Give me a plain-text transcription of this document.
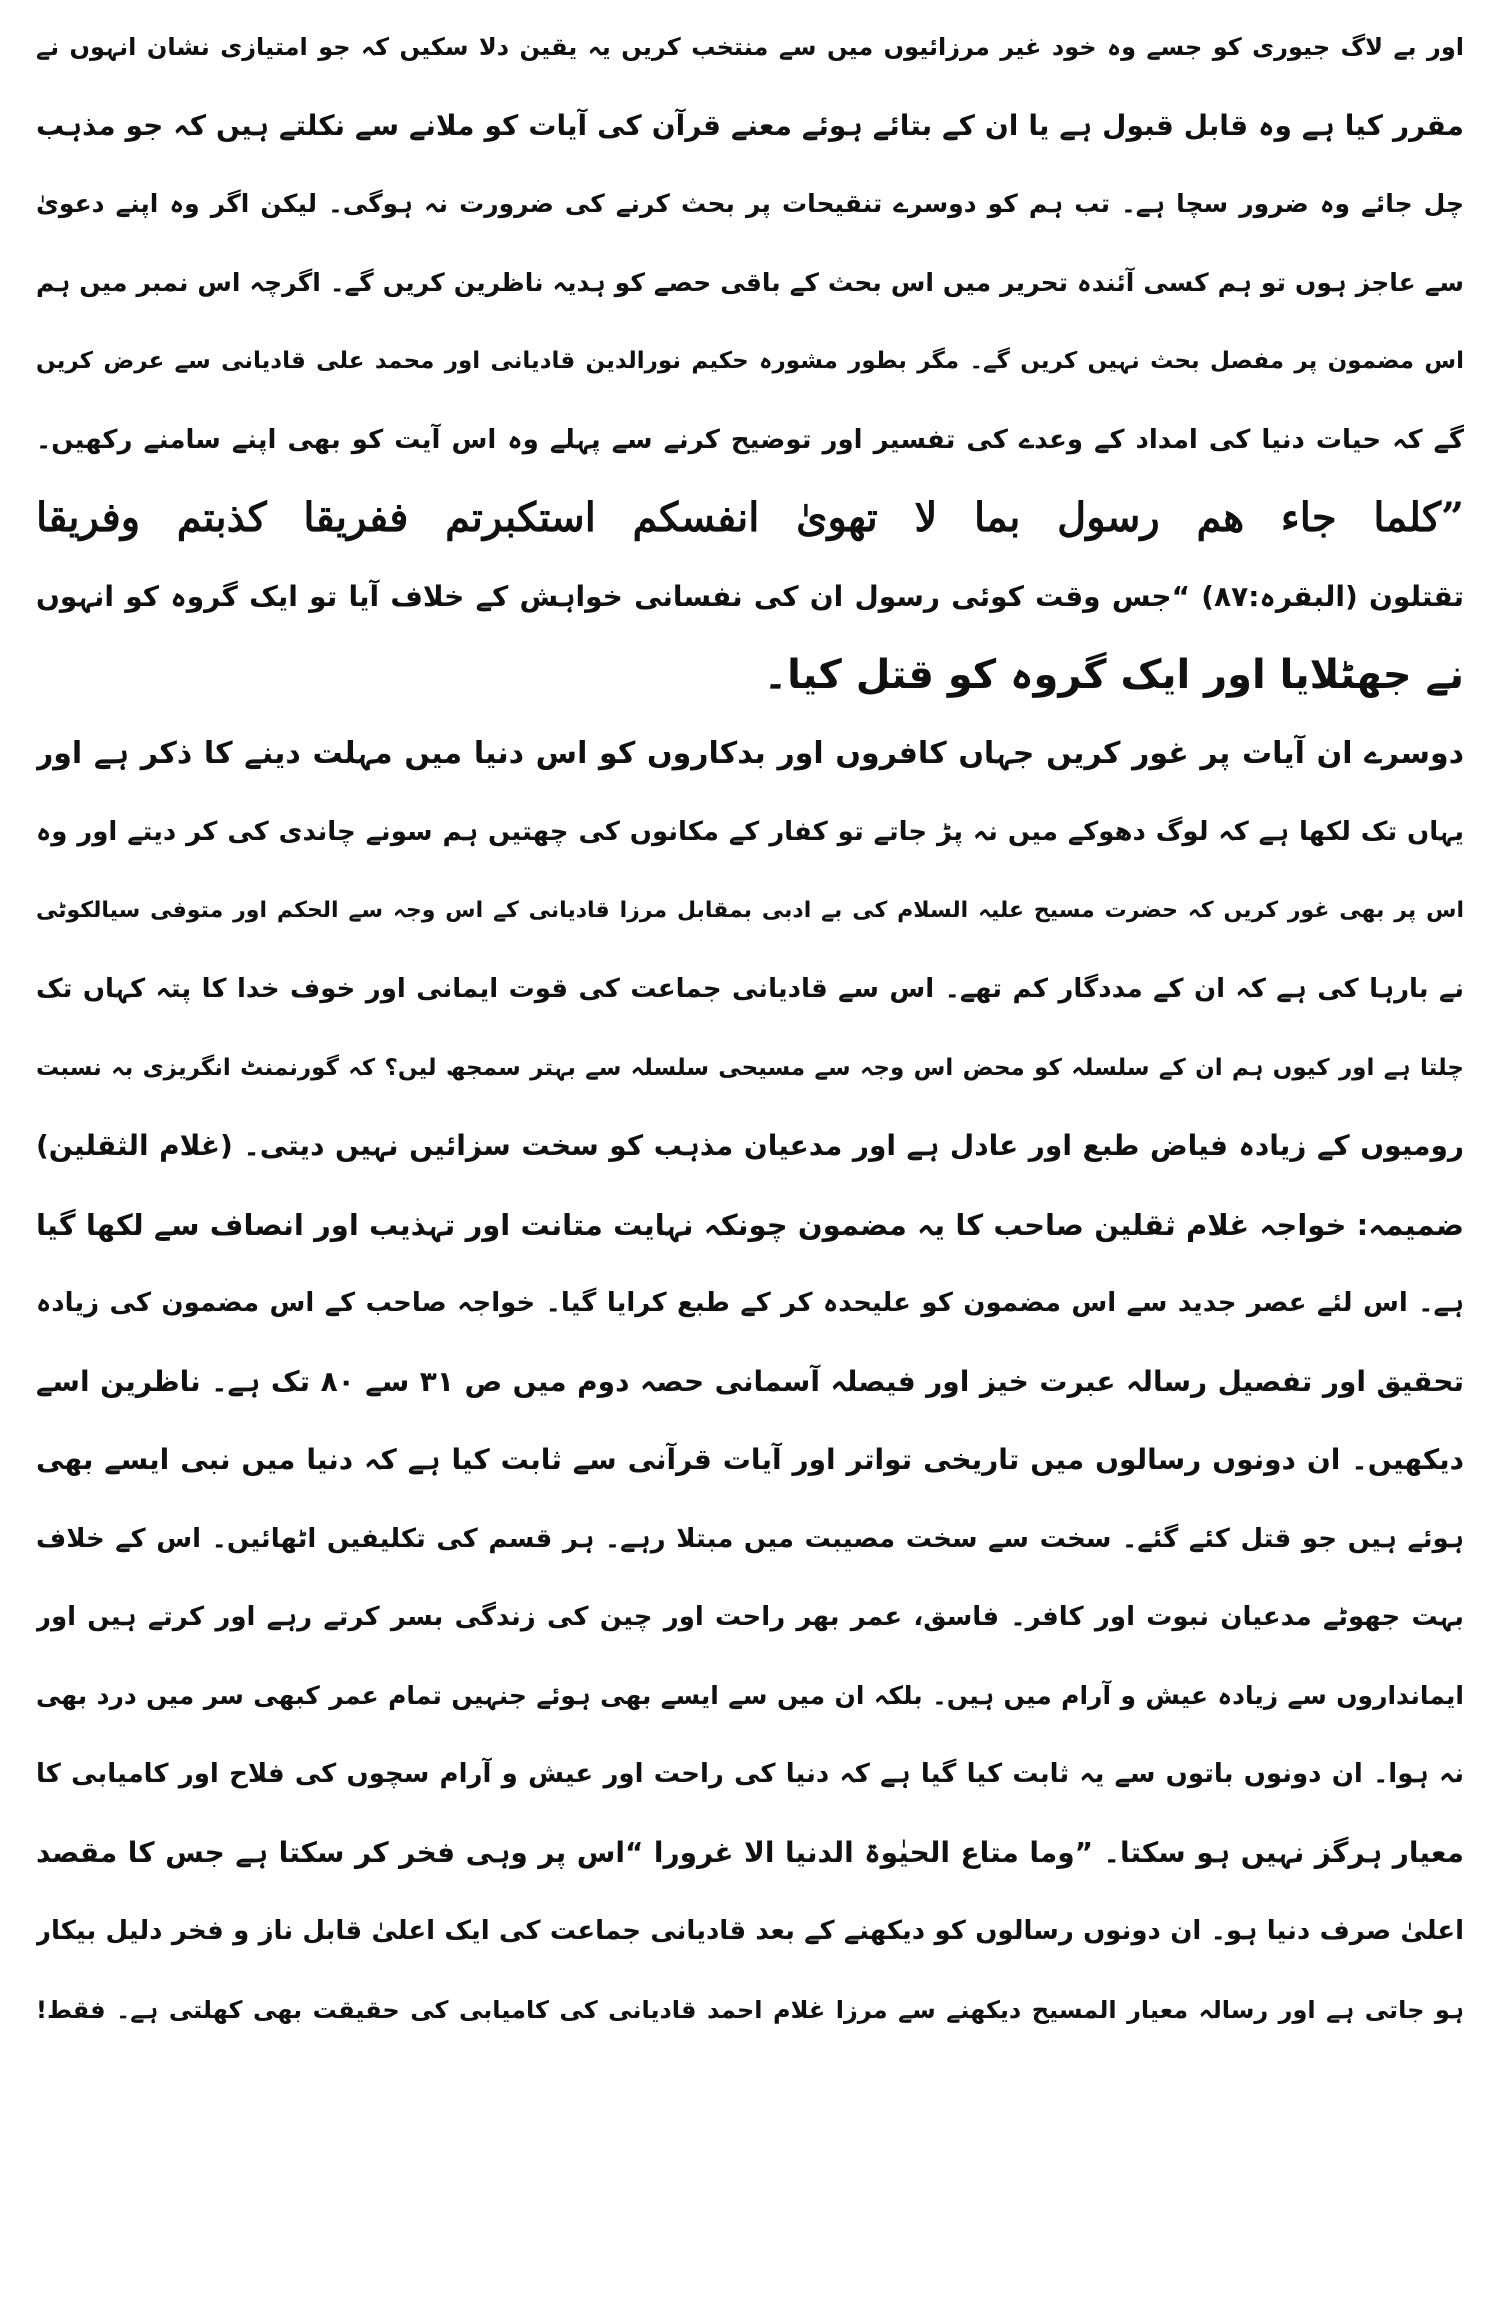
اور بے لاگ جیوری کو جسے وہ خود غیر مرزائیوں میں سے منتخب کریں یہ یقین دلا سکیں کہ جو امتیازی نشان انہوں نے
مقرر کیا ہے وہ قابل قبول ہے یا ان کے بتائے ہوئے معنے قرآن کی آیات کو ملانے سے نکلتے ہیں کہ جو مذہب
چل جائے وہ ضرور سچا ہے۔ تب ہم کو دوسرے تنقیحات پر بحث کرنے کی ضرورت نہ ہوگی۔ لیکن اگر وہ اپنے دعویٰ
سے عاجز ہوں تو ہم کسی آئندہ تحریر میں اس بحث کے باقی حصے کو ہدیہ ناظرین کریں گے۔ اگرچہ اس نمبر میں ہم
اس مضمون پر مفصل بحث نہیں کریں گے۔ مگر بطور مشورہ حکیم نورالدین قادیانی اور محمد علی قادیانی سے عرض کریں
گے کہ حیات دنیا کی امداد کے وعدے کی تفسیر اور توضیح کرنے سے پہلے وہ اس آیت کو بھی اپنے سامنے رکھیں۔
”کلما جاء ھم رسول بما لا تھویٰ انفسکم استکبرتم ففریقا کذبتم وفریقا
تقتلون (البقرہ:۸۷) “جس وقت کوئی رسول ان کی نفسانی خواہش کے خلاف آیا تو ایک گروہ کو انہوں
نے جھٹلایا اور ایک گروہ کو قتل کیا۔
دوسرے ان آیات پر غور کریں جہاں کافروں اور بدکاروں کو اس دنیا میں مہلت دینے کا ذکر ہے اور
یہاں تک لکھا ہے کہ لوگ دھوکے میں نہ پڑ جاتے تو کفار کے مکانوں کی چھتیں ہم سونے چاندی کی کر دیتے اور وہ
اس پر بھی غور کریں کہ حضرت مسیح علیہ السلام کی بے ادبی بمقابل مرزا قادیانی کے اس وجہ سے الحکم اور متوفی سیالکوٹی
نے بارہا کی ہے کہ ان کے مددگار کم تھے۔ اس سے قادیانی جماعت کی قوت ایمانی اور خوف خدا کا پتہ کہاں تک
چلتا ہے اور کیوں ہم ان کے سلسلہ کو محض اس وجہ سے مسیحی سلسلہ سے بہتر سمجھ لیں؟ کہ گورنمنٹ انگریزی بہ نسبت
رومیوں کے زیادہ فیاض طبع اور عادل ہے اور مدعیان مذہب کو سخت سزائیں نہیں دیتی۔ (غلام الثقلین)
ضمیمہ: خواجہ غلام ثقلین صاحب کا یہ مضمون چونکہ نہایت متانت اور تہذیب اور انصاف سے لکھا گیا
ہے۔ اس لئے عصر جدید سے اس مضمون کو علیحدہ کر کے طبع کرایا گیا۔ خواجہ صاحب کے اس مضمون کی زیادہ
تحقیق اور تفصیل رسالہ عبرت خیز اور فیصلہ آسمانی حصہ دوم میں ص ۳۱ سے ۸۰ تک ہے۔ ناظرین اسے
دیکھیں۔ ان دونوں رسالوں میں تاریخی تواتر اور آیات قرآنی سے ثابت کیا ہے کہ دنیا میں نبی ایسے بھی
ہوئے ہیں جو قتل کئے گئے۔ سخت سے سخت مصیبت میں مبتلا رہے۔ ہر قسم کی تکلیفیں اٹھائیں۔ اس کے خلاف
بہت جھوٹے مدعیان نبوت اور کافر۔ فاسق، عمر بھر راحت اور چین کی زندگی بسر کرتے رہے اور کرتے ہیں اور
ایمانداروں سے زیادہ عیش و آرام میں ہیں۔ بلکہ ان میں سے ایسے بھی ہوئے جنہیں تمام عمر کبھی سر میں درد بھی
نہ ہوا۔ ان دونوں باتوں سے یہ ثابت کیا گیا ہے کہ دنیا کی راحت اور عیش و آرام سچوں کی فلاح اور کامیابی کا
معیار ہرگز نہیں ہو سکتا۔ ”وما متاع الحیٰوۃ الدنیا الا غرورا “اس پر وہی فخر کر سکتا ہے جس کا مقصد
اعلیٰ صرف دنیا ہو۔ ان دونوں رسالوں کو دیکھنے کے بعد قادیانی جماعت کی ایک اعلیٰ قابل ناز و فخر دلیل بیکار
ہو جاتی ہے اور رسالہ معیار المسیح دیکھنے سے مرزا غلام احمد قادیانی کی کامیابی کی حقیقت بھی کھلتی ہے۔ فقط!
